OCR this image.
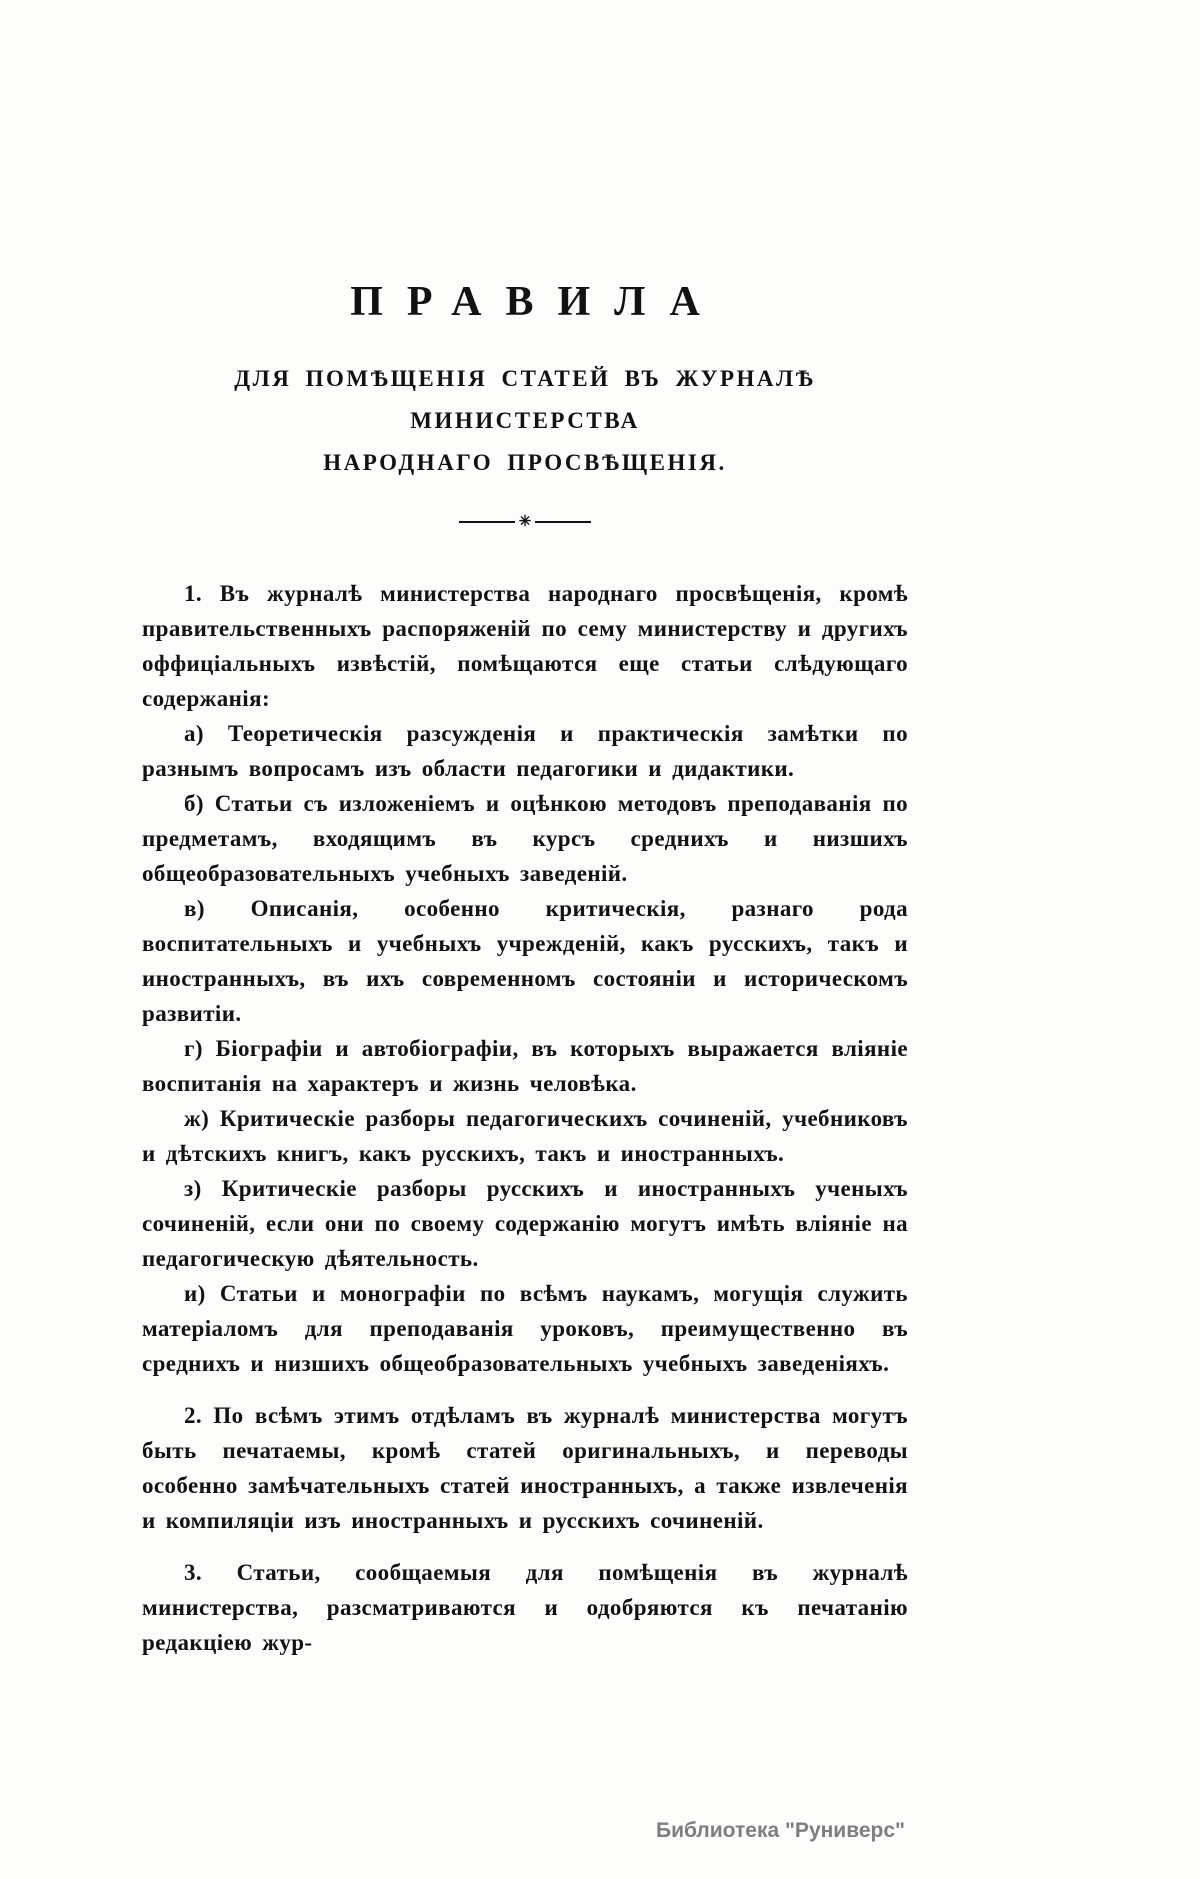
ПРАВИЛА
ДЛЯ ПОМѢЩЕНІЯ СТАТЕЙ ВЪ ЖУРНАЛѢ МИНИСТЕРСТВА
НАРОДНАГО ПРОСВѢЩЕНІЯ.
✳

1. Въ журналѣ министерства народнаго просвѣщенія, кромѣ правительственныхъ распоряженій по сему министерству и другихъ оффиціальныхъ извѣстій, помѣщаются еще статьи слѣдующаго содержанія:

а) Теоретическія разсужденія и практическія замѣтки по разнымъ вопросамъ изъ области педагогики и дидактики.

б) Статьи съ изложеніемъ и оцѣнкою методовъ преподаванія по предметамъ, входящимъ въ курсъ среднихъ и низшихъ общеобразовательныхъ учебныхъ заведеній.

в) Описанія, особенно критическія, разнаго рода воспитательныхъ и учебныхъ учрежденій, какъ русскихъ, такъ и иностранныхъ, въ ихъ современномъ состояніи и историческомъ развитіи.

г) Біографіи и автобіографіи, въ которыхъ выражается вліяніе воспитанія на характеръ и жизнь человѣка.

ж) Критическіе разборы педагогическихъ сочиненій, учебниковъ и дѣтскихъ книгъ, какъ русскихъ, такъ и иностранныхъ.

з) Критическіе разборы русскихъ и иностранныхъ ученыхъ сочиненій, если они по своему содержанію могутъ имѣть вліяніе на педагогическую дѣятельность.

и) Статьи и монографіи по всѣмъ наукамъ, могущія служить матеріаломъ для преподаванія уроковъ, преимущественно въ среднихъ и низшихъ общеобразовательныхъ учебныхъ заведеніяхъ.

2. По всѣмъ этимъ отдѣламъ въ журналѣ министерства могутъ быть печатаемы, кромѣ статей оригинальныхъ, и переводы особенно замѣчательныхъ статей иностранныхъ, а также извлеченія и компиляціи изъ иностранныхъ и русскихъ сочиненій.

3. Статьи, сообщаемыя для помѣщенія въ журналѣ министерства, разсматриваются и одобряются къ печатанію редакціею жур-

Библиотека "Руниверс"
